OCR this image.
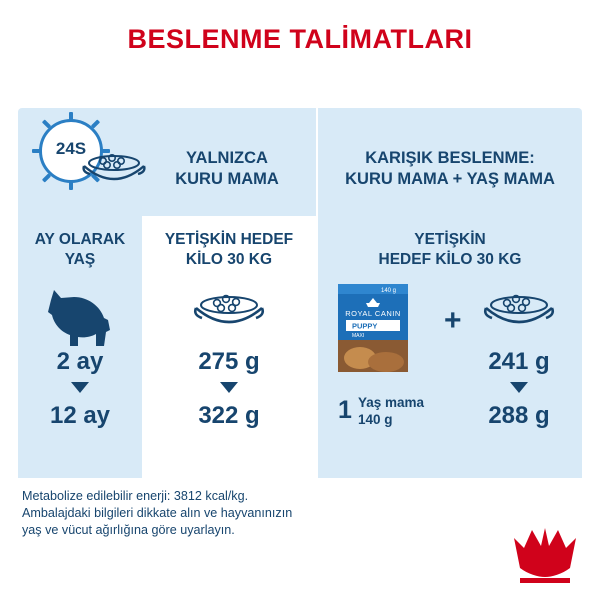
BESLENME TALİMATLARI
24S	YALNIZCA
KURU MAMA
KARIŞIK BESLENME:
KURU MAMA + YAŞ MAMA
AY OLARAK
YAŞ
YETİŞKİN HEDEF
KİLO 30 KG
YETİŞKİN
HEDEF KİLO 30 KG
140 g
ROYAL CANIN
PUPPY
MAXI	+
2 ay	275 g	241 g
1 Yaş mama
140 g
12 ay	322 g	288 g
Metabolize edilebilir enerji: 3812 kcal/kg.
Ambalajdaki bilgileri dikkate alın ve hayvanınızın
yaş ve vücut ağırlığına göre uyarlayın.
